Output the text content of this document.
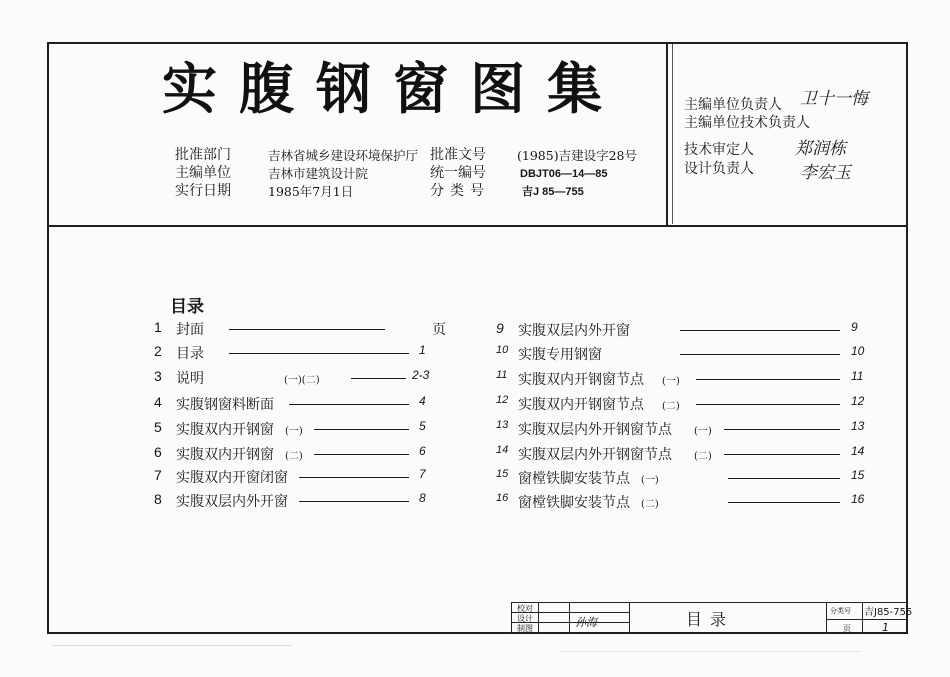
实腹钢窗图集
批准部门	吉林省城乡建设环境保护厅 批准文号 (1985)吉建设字28号
主编单位	吉林市建筑设计院	统一编号	DBJT06—14—85
实行日期	1985年7月1日	分类号	吉J 85—755
主编单位负责人 卫十一悔
主编单位技术负责人
技术审定人 郑润栋
设计负责人	李宏玉
目录
1 封面	页
2 目录	1
3 说明	(一)(二)	2-3
4 实腹钢窗料断面	4
5 实腹双内开钢窗 (一)	5
6 实腹双内开钢窗 (二)	6
7 实腹双内开窗闭窗	7
8 实腹双层内外开窗	8
9 实腹双层内外开窗	9
10 实腹专用钢窗	10
11 实腹双内开钢窗节点 (一)	11
12 实腹双内开钢窗节点 (二)	12
13 实腹双层内外开钢窗节点 (一)	13
14 实腹双层内外开钢窗节点 (二)	14
15 窗樘铁脚安装节点 (一)	15
16 窗樘铁脚安装节点 (二)	16
校对
设计
制图	孙海	目录	分类号 吉J85-755
页	1
